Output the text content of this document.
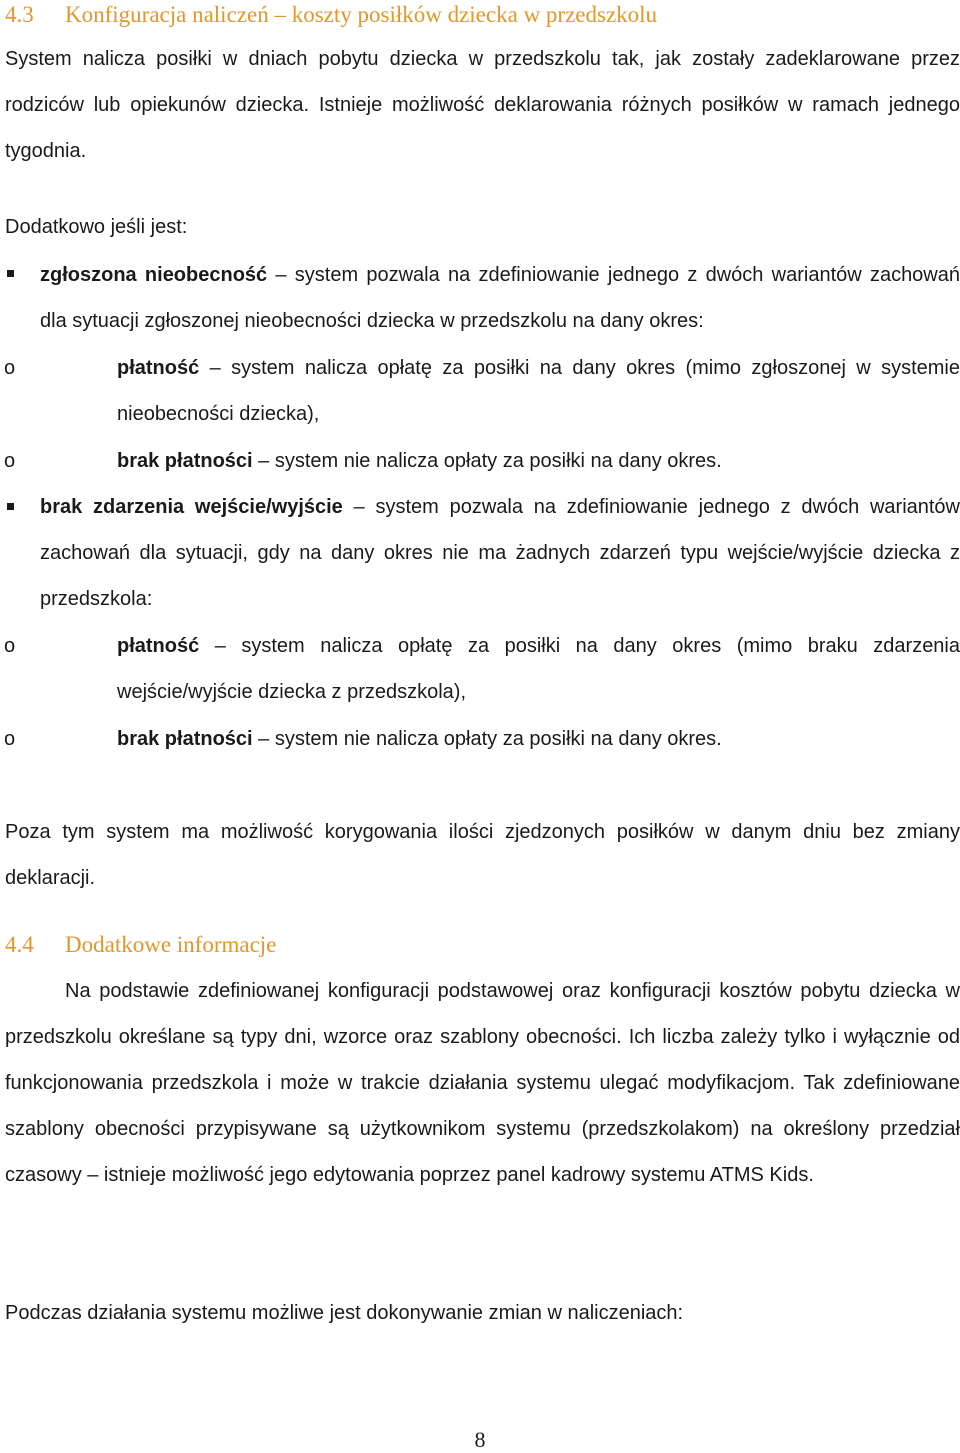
4.3 Konfiguracja naliczeń – koszty posiłków dziecka w przedszkolu
System nalicza posiłki w dniach pobytu dziecka w przedszkolu tak, jak zostały zadeklarowane przez rodziców lub opiekunów dziecka. Istnieje możliwość deklarowania różnych posiłków w ramach jednego tygodnia.
Dodatkowo jeśli jest:
zgłoszona nieobecność – system pozwala na zdefiniowanie jednego z dwóch wariantów zachowań dla sytuacji zgłoszonej nieobecności dziecka w przedszkolu na dany okres:
o	płatność – system nalicza opłatę za posiłki na dany okres (mimo zgłoszonej w systemie nieobecności dziecka),
o	brak płatności – system nie nalicza opłaty za posiłki na dany okres.
brak zdarzenia wejście/wyjście – system pozwala na zdefiniowanie jednego z dwóch wariantów zachowań dla sytuacji, gdy na dany okres nie ma żadnych zdarzeń typu wejście/wyjście dziecka z przedszkola:
o	płatność – system nalicza opłatę za posiłki na dany okres (mimo braku zdarzenia wejście/wyjście dziecka z przedszkola),
o	brak płatności – system nie nalicza opłaty za posiłki na dany okres.
Poza tym system ma możliwość korygowania ilości zjedzonych posiłków w danym dniu bez zmiany deklaracji.
4.4 Dodatkowe informacje
Na podstawie zdefiniowanej konfiguracji podstawowej oraz konfiguracji kosztów pobytu dziecka w przedszkolu określane są typy dni, wzorce oraz szablony obecności. Ich liczba zależy tylko i wyłącznie od funkcjonowania przedszkola i może w trakcie działania systemu ulegać modyfikacjom. Tak zdefiniowane szablony obecności przypisywane są użytkownikom systemu (przedszkolakom) na określony przedział czasowy – istnieje możliwość jego edytowania poprzez panel kadrowy systemu ATMS Kids.
Podczas działania systemu możliwe jest dokonywanie zmian w naliczeniach:
8
